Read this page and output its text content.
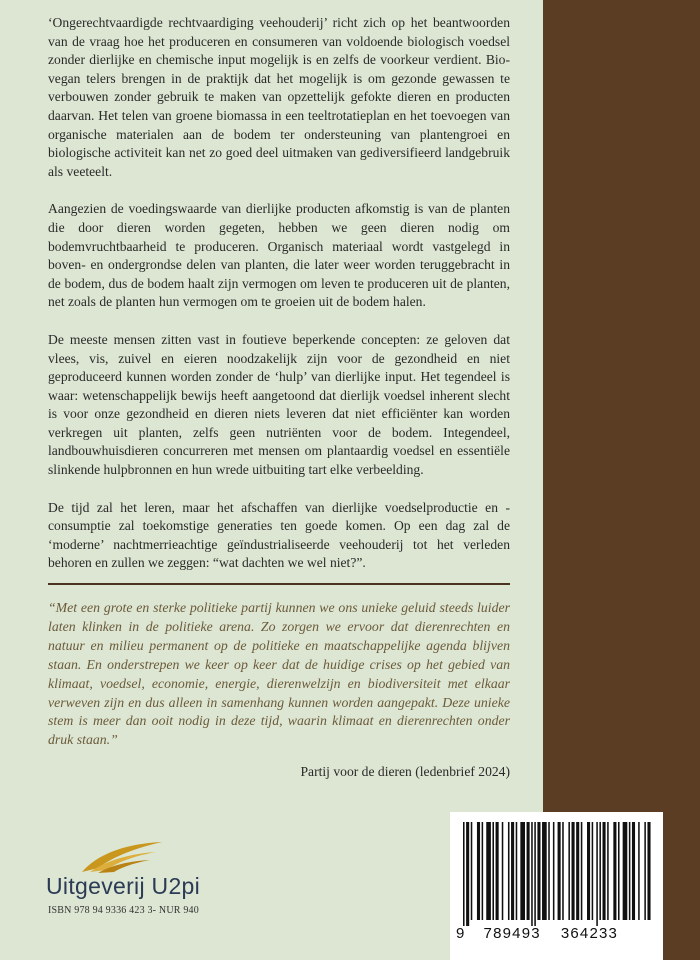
‘Ongerechtvaardigde rechtvaardiging veehouderij’ richt zich op het beantwoorden van de vraag hoe het produceren en consumeren van voldoende biologisch voedsel zonder dierlijke en chemische input mogelijk is en zelfs de voorkeur verdient. Bio-vegan telers brengen in de praktijk dat het mogelijk is om gezonde gewassen te verbouwen zonder gebruik te maken van opzettelijk gefokte dieren en producten daarvan. Het telen van groene biomassa in een teeltrotatieplan en het toevoegen van organische materialen aan de bodem ter ondersteuning van plantengroei en biologische activiteit kan net zo goed deel uitmaken van gediversifieerd landgebruik als veeteelt.

Aangezien de voedingswaarde van dierlijke producten afkomstig is van de planten die door dieren worden gegeten, hebben we geen dieren nodig om bodemvruchtbaarheid te produceren. Organisch materiaal wordt vastgelegd in boven- en ondergrondse delen van planten, die later weer worden teruggebracht in de bodem, dus de bodem haalt zijn vermogen om leven te produceren uit de planten, net zoals de planten hun vermogen om te groeien uit de bodem halen.

De meeste mensen zitten vast in foutieve beperkende concepten: ze geloven dat vlees, vis, zuivel en eieren noodzakelijk zijn voor de gezondheid en niet geproduceerd kunnen worden zonder de ‘hulp’ van dierlijke input. Het tegendeel is waar: wetenschappelijk bewijs heeft aangetoond dat dierlijk voedsel inherent slecht is voor onze gezondheid en dieren niets leveren dat niet efficiënter kan worden verkregen uit planten, zelfs geen nutriënten voor de bodem. Integendeel, landbouwhuisdieren concurreren met mensen om plantaardig voedsel en essentiële slinkende hulpbronnen en hun wrede uitbuiting tart elke verbeelding.

De tijd zal het leren, maar het afschaffen van dierlijke voedselproductie en -consumptie zal toekomstige generaties ten goede komen. Op een dag zal de ‘moderne’ nachtmerrieachtige geïndustrialiseerde veehouderij tot het verleden behoren en zullen we zeggen: “wat dachten we wel niet?”.

“Met een grote en sterke politieke partij kunnen we ons unieke geluid steeds luider laten klinken in de politieke arena. Zo zorgen we ervoor dat dierenrechten en natuur en milieu permanent op de politieke en maatschappelijke agenda blijven staan. En onderstrepen we keer op keer dat de huidige crises op het gebied van klimaat, voedsel, economie, energie, dierenwelzijn en biodiversiteit met elkaar verweven zijn en dus alleen in samenhang kunnen worden aangepakt. Deze unieke stem is meer dan ooit nodig in deze tijd, waarin klimaat en dierenrechten onder druk staan.”

Partij voor de dieren (ledenbrief 2024)
Uitgeverij U2pi
ISBN 978 94 9336 423 3- NUR 940
9 789493 364233
